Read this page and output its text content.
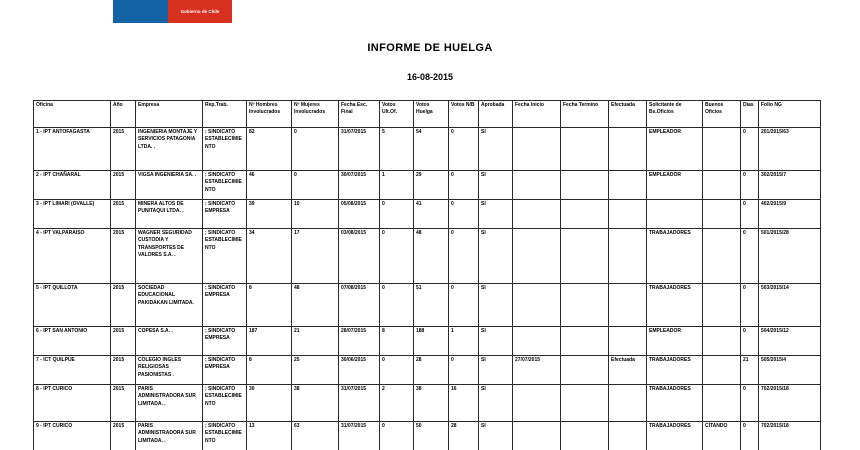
Gobierno de Chile
INFORME DE HUELGA
16-08-2015
Oficina	Año	Empresa	Rep.Trab.	Nº Hombres Involucrados	Nº Mujeres Involucrados	Fecha Esc. Final	Votos Ult.Of.	Votos Huelga	Votos N/B	Aprobada	Fecha Inicio	Fecha Termino	Efectuada	Solicitante de Bs.Oficios	Buenos Oficios	Días	Folio NG
1 - IPT ANTOFAGASTA	2015	INGENIERIA MONTAJE Y SERVICIOS PATAGONIA LTDA. .	; SINDICATO ESTABLECIMIENTO	82	0	31/07/2015	5	54	0	SI				EMPLEADOR		0	201/2015/63
2 - IPT CHAÑARAL	2015	VIGSA INGENIERIA SA. .	; SINDICATO ESTABLECIMIENTO	46	0	30/07/2015	1	29	0	SI				EMPLEADOR		0	302/2015/7
3 - IPT LIMARI (OVALLE)	2015	MINERA ALTOS DE PUNITAQUI LTDA. .	; SINDICATO EMPRESA	39	10	05/08/2015	0	41	0	SI						0	402/2015/9
4 - IPT VALPARAISO	2015	WAGNER SEGURIDAD CUSTODIA Y TRANSPORTES DE VALORES S.A. .	; SINDICATO ESTABLECIMIENTO	34	17	03/08/2015	0	48	0	SI				TRABAJADORES		0	501/2015/28
5 - IPT QUILLOTA	2015	SOCIEDAD EDUCACIONAL PAKIDAKAN LIMITADA.	; SINDICATO EMPRESA	8	48	07/08/2015	0	51	0	SI				TRABAJADORES		0	503/2015/14
6 - IPT SAN ANTONIO	2015	COPESA S.A. .	; SINDICATO EMPRESA	187	21	28/07/2015	8	188	1	SI				EMPLEADOR		0	504/2015/12
7 - ICT QUILPUE	2015	COLEGIO INGLES RELIGIOSAS PASIONISTAS .	; SINDICATO EMPRESA	8	25	30/06/2015	0	28	0	SI	27/07/2015		Efectuada	TRABAJADORES		21	505/2015/4
8 - IPT CURICO	2015	PARIS ADMINISTRADORA SUR LIMITADA. .	; SINDICATO ESTABLECIMIENTO	30	38	31/07/2015	2	38	16	SI				TRABAJADORES		0	702/2015/18
9 - IPT CURICO	2015	PARIS ADMINISTRADORA SUR LIMITADA. .	; SINDICATO ESTABLECIMIENTO	13	63	31/07/2015	0	50	28	SI				TRABAJADORES	CITANDO	0	702/2015/18
